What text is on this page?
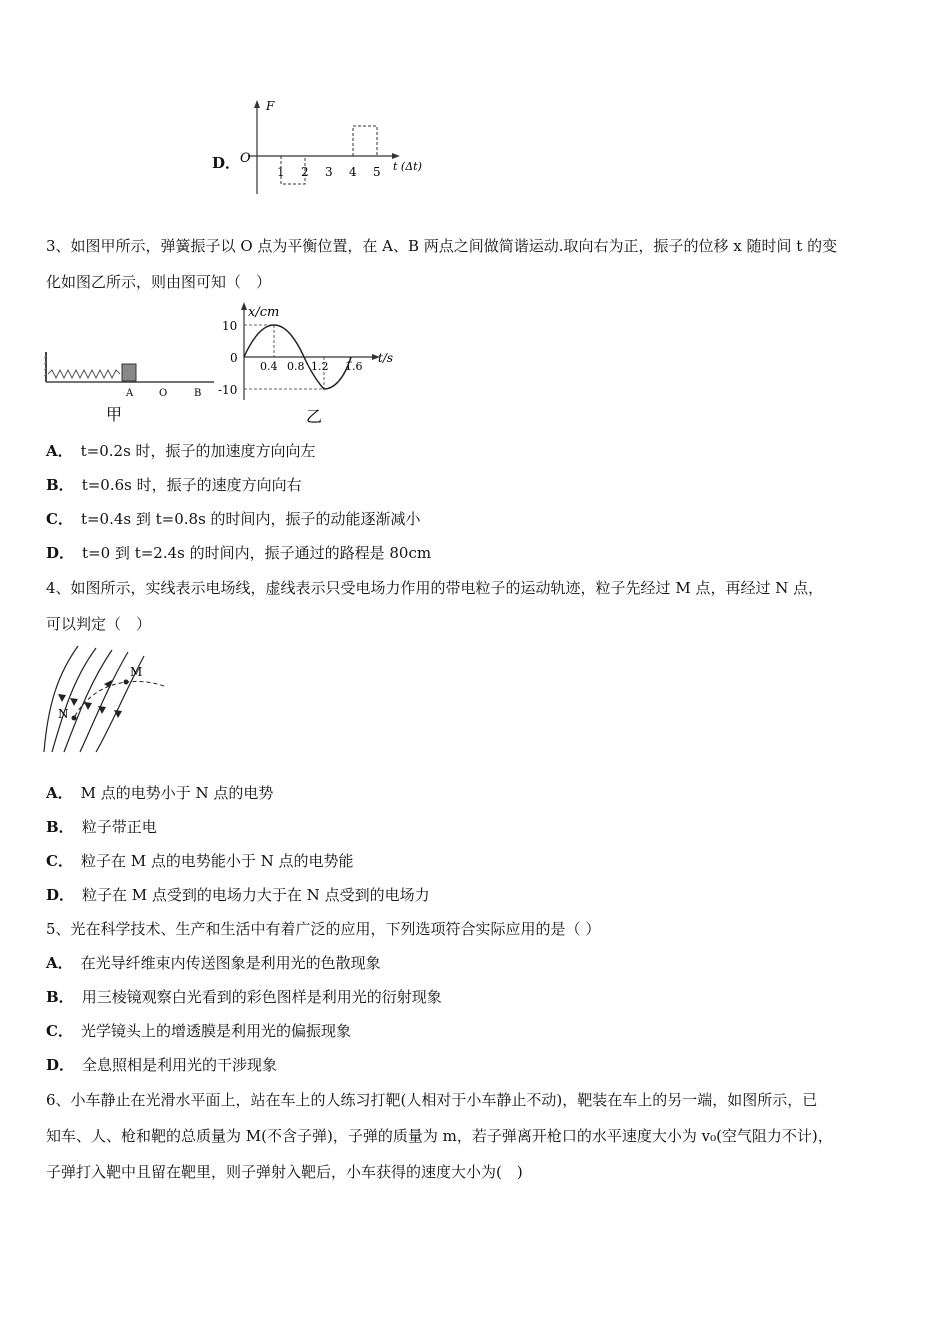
D．
F
O
1 2 3 4 5 t (Δt)
3、如图甲所示，弹簧振子以 O 点为平衡位置，在 A、B 两点之间做简谐运动.取向右为正，振子的位移 x 随时间 t 的变
化如图乙所示，则由图可知（　）
A	O	B
甲
x/cm
t/s
10
0
-10
0.4 0.8 1.2 1.6
乙
A． t=0.2s 时，振子的加速度方向向左
B． t=0.6s 时，振子的速度方向向右
C． t=0.4s 到 t=0.8s 的时间内，振子的动能逐渐减小
D． t=0 到 t=2.4s 的时间内，振子通过的路程是 80cm
4、如图所示，实线表示电场线，虚线表示只受电场力作用的带电粒子的运动轨迹，粒子先经过 M 点，再经过 N 点，
可以判定（　）
M
N
A． M 点的电势小于 N 点的电势
B． 粒子带正电
C． 粒子在 M 点的电势能小于 N 点的电势能
D． 粒子在 M 点受到的电场力大于在 N 点受到的电场力
5、光在科学技术、生产和生活中有着广泛的应用，下列选项符合实际应用的是（ ）
A． 在光导纤维束内传送图象是利用光的色散现象
B． 用三棱镜观察白光看到的彩色图样是利用光的衍射现象
C． 光学镜头上的增透膜是利用光的偏振现象
D． 全息照相是利用光的干涉现象
6、小车静止在光滑水平面上，站在车上的人练习打靶(人相对于小车静止不动)，靶装在车上的另一端，如图所示，已
知车、人、枪和靶的总质量为 M(不含子弹)，子弹的质量为 m，若子弹离开枪口的水平速度大小为 v₀(空气阻力不计)，
子弹打入靶中且留在靶里，则子弹射入靶后，小车获得的速度大小为(　)
